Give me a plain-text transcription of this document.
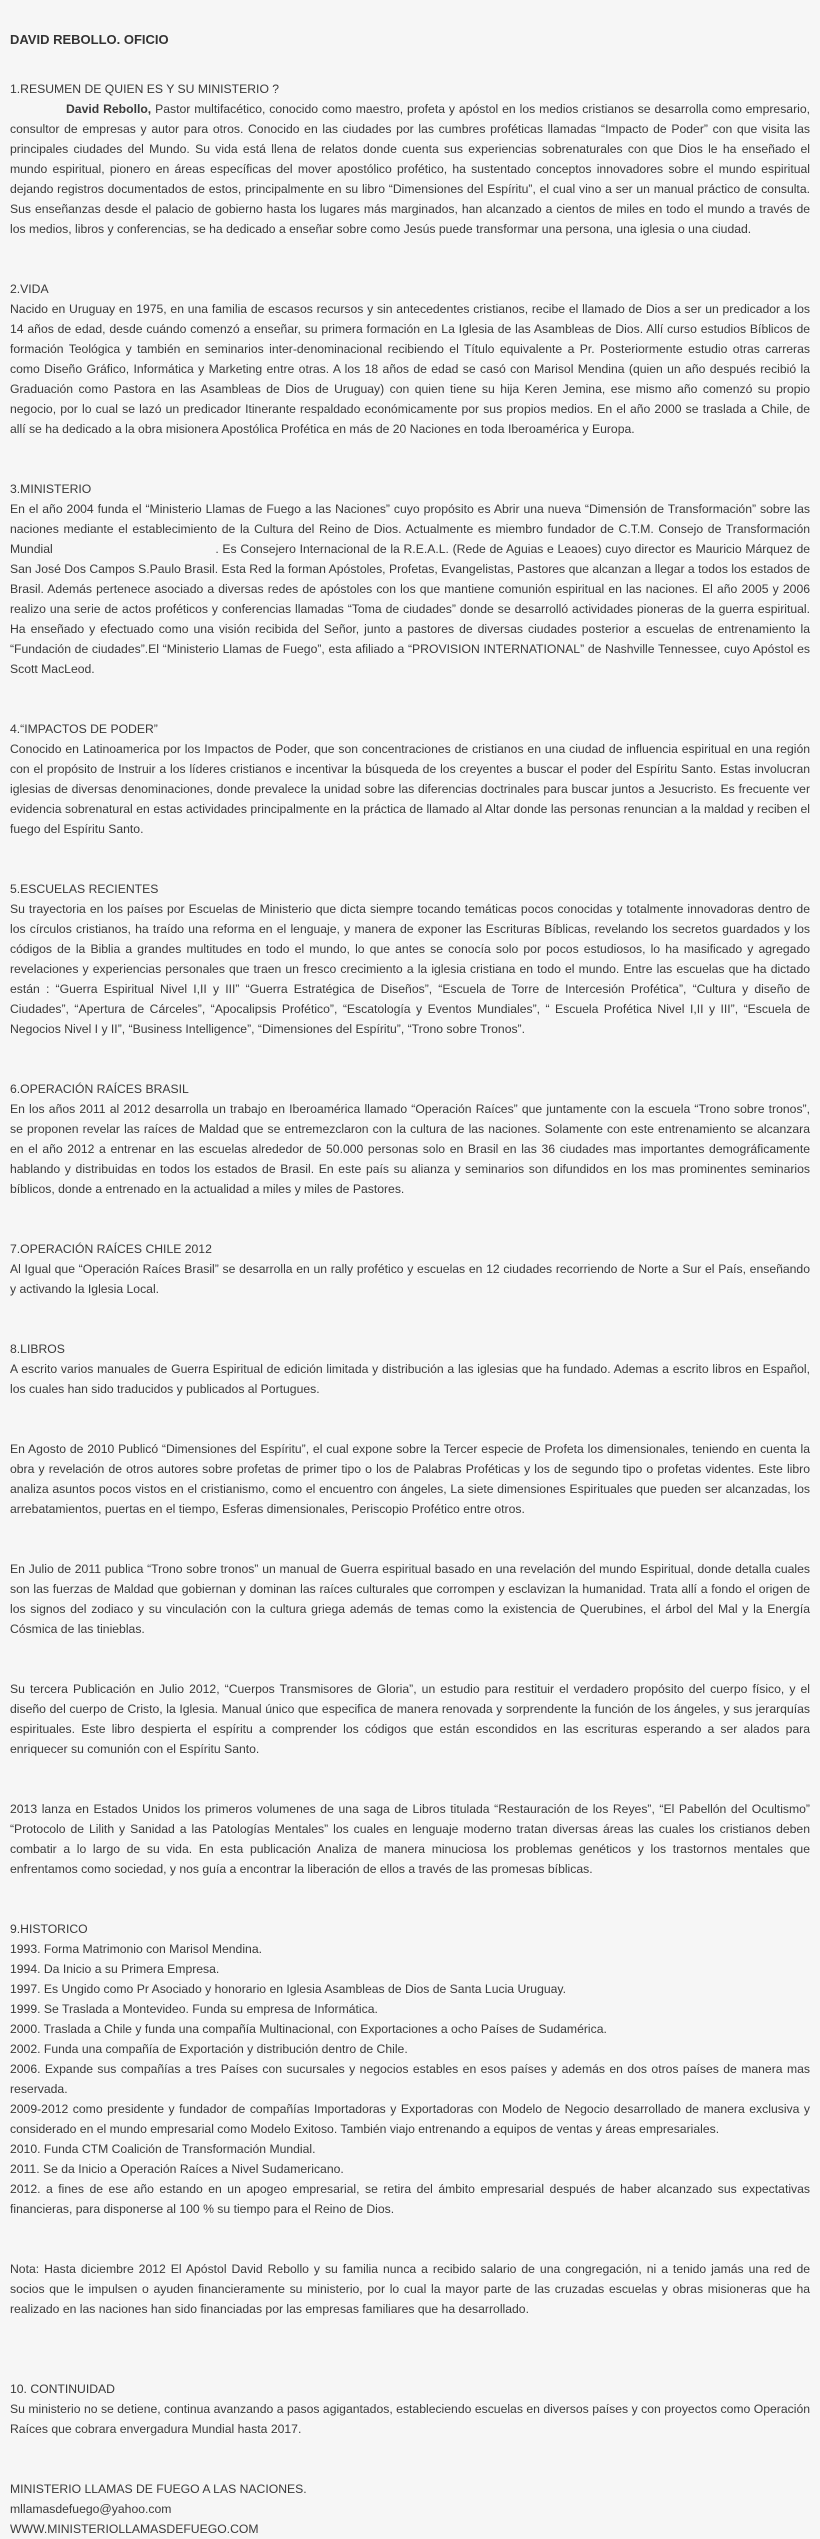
DAVID REBOLLO. OFICIO
1.RESUMEN DE QUIEN ES Y SU MINISTERIO ?

David Rebollo, Pastor multifacético, conocido como maestro, profeta y apóstol en los medios cristianos se desarrolla como empresario, consultor de empresas y autor para otros. Conocido en las ciudades por las cumbres proféticas llamadas “Impacto de Poder” con que visita las principales ciudades del Mundo. Su vida está llena de relatos donde cuenta sus experiencias sobrenaturales con que Dios le ha enseñado el mundo espiritual, pionero en áreas específicas del mover apostólico profético, ha sustentado conceptos innovadores sobre el mundo espiritual dejando registros documentados de estos, principalmente en su libro “Dimensiones del Espíritu”, el cual vino a ser un manual práctico de consulta. Sus enseñanzas desde el palacio de gobierno hasta los lugares más marginados, han alcanzado a cientos de miles en todo el mundo a través de los medios, libros y conferencias, se ha dedicado a enseñar sobre como Jesús puede transformar una persona, una iglesia o una ciudad.

2.VIDA

Nacido en Uruguay en 1975, en una familia de escasos recursos y sin antecedentes cristianos, recibe el llamado de Dios a ser un predicador a los 14 años de edad, desde cuándo comenzó a enseñar, su primera formación en La Iglesia de las Asambleas de Dios. Allí curso estudios Bíblicos de formación Teológica y también en seminarios inter-denominacional recibiendo el Título equivalente a Pr. Posteriormente estudio otras carreras como Diseño Gráfico, Informática y Marketing entre otras. A los 18 años de edad se casó con Marisol Mendina (quien un año después recibió la Graduación como Pastora en las Asambleas de Dios de Uruguay) con quien tiene su hija Keren Jemina, ese mismo año comenzó su propio negocio, por lo cual se lazó un predicador Itinerante respaldado económicamente por sus propios medios. En el año 2000 se traslada a Chile, de allí se ha dedicado a la obra misionera Apostólica Profética en más de 20 Naciones en toda Iberoamérica y Europa.

3.MINISTERIO

En el año 2004 funda el “Ministerio Llamas de Fuego a las Naciones” cuyo propósito es Abrir una nueva “Dimensión de Transformación” sobre las naciones mediante el establecimiento de la Cultura del Reino de Dios. Actualmente es miembro fundador de C.T.M. Consejo de Transformación Mundial                                            . Es Consejero Internacional de la R.E.A.L. (Rede de Aguias e Leaoes) cuyo director es Mauricio Márquez de San José Dos Campos S.Paulo Brasil. Esta Red la forman Apóstoles, Profetas, Evangelistas, Pastores que alcanzan a llegar a todos los estados de Brasil. Además pertenece asociado a diversas redes de apóstoles con los que mantiene comunión espiritual en las naciones. El año 2005 y 2006 realizo una serie de actos proféticos y conferencias llamadas “Toma de ciudades” donde se desarrolló actividades pioneras de la guerra espiritual. Ha enseñado y efectuado como una visión recibida del Señor, junto a pastores de diversas ciudades posterior a escuelas de entrenamiento la “Fundación de ciudades”.El “Ministerio Llamas de Fuego”, esta afiliado a “PROVISION INTERNATIONAL” de Nashville Tennessee, cuyo Apóstol es Scott MacLeod.

4.“IMPACTOS DE PODER”

Conocido en Latinoamerica por los Impactos de Poder, que son concentraciones de cristianos en una ciudad de influencia espiritual en una región con el propósito de Instruir a los líderes cristianos e incentivar la búsqueda de los creyentes a buscar el poder del Espíritu Santo. Estas involucran iglesias de diversas denominaciones, donde prevalece la unidad sobre las diferencias doctrinales para buscar juntos a Jesucristo. Es frecuente ver evidencia sobrenatural en estas actividades principalmente en la práctica de llamado al Altar donde las personas renuncian a la maldad y reciben el fuego del Espíritu Santo.

5.ESCUELAS RECIENTES

Su trayectoria en los países por Escuelas de Ministerio que dicta siempre tocando temáticas pocos conocidas y totalmente innovadoras dentro de los círculos cristianos, ha traído una reforma en el lenguaje, y manera de exponer las Escrituras Bíblicas, revelando los secretos guardados y los códigos de la Biblia a grandes multitudes en todo el mundo, lo que antes se conocía solo por pocos estudiosos, lo ha masificado y agregado revelaciones y experiencias personales que traen un fresco crecimiento a la iglesia cristiana en todo el mundo. Entre las escuelas que ha dictado están : “Guerra Espiritual Nivel I,II y III” “Guerra Estratégica de Diseños”, “Escuela de Torre de Intercesión Profética”, “Cultura y diseño de Ciudades”, “Apertura de Cárceles”, “Apocalipsis Profético”, “Escatología y Eventos Mundiales”, “ Escuela Profética Nivel I,II y III”, “Escuela de Negocios Nivel I y II”, “Business Intelligence”, “Dimensiones del Espíritu”, “Trono sobre Tronos”.

6.OPERACIÓN RAÍCES BRASIL

En los años 2011 al 2012 desarrolla un trabajo en Iberoamérica llamado “Operación Raíces” que juntamente con la escuela “Trono sobre tronos”, se proponen revelar las raíces de Maldad que se entremezclaron con la cultura de las naciones. Solamente con este entrenamiento se alcanzara en el año 2012 a entrenar en las escuelas alrededor de 50.000 personas solo en Brasil en las 36 ciudades mas importantes demográficamente hablando y distribuidas en todos los estados de Brasil. En este país su alianza y seminarios son difundidos en los mas prominentes seminarios bíblicos, donde a entrenado en la actualidad a miles y miles de Pastores.

7.OPERACIÓN RAÍCES CHILE 2012

Al Igual que “Operación Raíces Brasil” se desarrolla en un rally profético y escuelas en 12 ciudades recorriendo de Norte a Sur el País, enseñando y activando la Iglesia Local.

8.LIBROS

A escrito varios manuales de Guerra Espiritual de edición limitada y distribución a las iglesias que ha fundado. Ademas a escrito libros en Español, los cuales han sido traducidos y publicados al Portugues.

En Agosto de 2010 Publicó “Dimensiones del Espíritu”, el cual expone sobre la Tercer especie de Profeta los dimensionales, teniendo en cuenta la obra y revelación de otros autores sobre profetas de primer tipo o los de Palabras Proféticas y los de segundo tipo o profetas videntes. Este libro analiza asuntos pocos vistos en el cristianismo, como el encuentro con ángeles, La siete dimensiones Espirituales que pueden ser alcanzadas, los arrebatamientos, puertas en el tiempo, Esferas dimensionales, Periscopio Profético entre otros.

En Julio de 2011 publica “Trono sobre tronos” un manual de Guerra espiritual basado en una revelación del mundo Espiritual, donde detalla cuales son las fuerzas de Maldad que gobiernan y dominan las raíces culturales que corrompen y esclavizan la humanidad. Trata allí a fondo el origen de los signos del zodiaco y su vinculación con la cultura griega además de temas como la existencia de Querubines, el árbol del Mal y la Energía Cósmica de las tinieblas.

Su tercera Publicación en Julio 2012, “Cuerpos Transmisores de Gloria”, un estudio para restituir el verdadero propósito del cuerpo físico, y el diseño del cuerpo de Cristo, la Iglesia. Manual único que especifica de manera renovada y sorprendente la función de los ángeles, y sus jerarquías espirituales. Este libro despierta el espíritu a comprender los códigos que están escondidos en las escrituras esperando a ser alados para enriquecer su comunión con el Espíritu Santo.

2013 lanza en Estados Unidos los primeros volumenes de una saga de Libros titulada “Restauración de los Reyes”, “El Pabellón del Ocultismo” “Protocolo de Lilith y Sanidad a las Patologías Mentales” los cuales en lenguaje moderno tratan diversas áreas las cuales los cristianos deben combatir a lo largo de su vida. En esta publicación Analiza de manera minuciosa los problemas genéticos y los trastornos mentales que enfrentamos como sociedad, y nos guía a encontrar la liberación de ellos a través de las promesas bíblicas.

9.HISTORICO
1993. Forma Matrimonio con Marisol Mendina.
1994. Da Inicio a su Primera Empresa.
1997. Es Ungido como Pr Asociado y honorario en Iglesia Asambleas de Dios de Santa Lucia Uruguay.
1999. Se Traslada a Montevideo. Funda su empresa de Informática.
2000. Traslada a Chile y funda una compañía Multinacional, con Exportaciones a ocho Países de Sudamérica.
2002. Funda una compañía de Exportación y distribución dentro de Chile.
2006. Expande sus compañías a tres Países con sucursales y negocios estables en esos países y además en dos otros países de manera mas reservada.
2009-2012 como presidente y fundador de compañías Importadoras y Exportadoras con Modelo de Negocio desarrollado de manera exclusiva y considerado en el mundo empresarial como Modelo Exitoso. También viajo entrenando a equipos de ventas y áreas empresariales.
2010. Funda CTM Coalición de Transformación Mundial.
2011. Se da Inicio a Operación Raíces a Nivel Sudamericano.
2012. a fines de ese año estando en un apogeo empresarial, se retira del ámbito empresarial después de haber alcanzado sus expectativas financieras, para disponerse al 100 % su tiempo para el Reino de Dios.

Nota: Hasta diciembre 2012 El Apóstol David Rebollo y su familia nunca a recibido salario de una congregación, ni a tenido jamás una red de socios que le impulsen o ayuden financieramente su ministerio, por lo cual la mayor parte de las cruzadas escuelas y obras misioneras que ha realizado en las naciones han sido financiadas por las empresas familiares que ha desarrollado.

10. CONTINUIDAD

Su ministerio no se detiene, continua avanzando a pasos agigantados, estableciendo escuelas en diversos países y con proyectos como Operación Raíces que cobrara envergadura Mundial hasta 2017.

MINISTERIO LLAMAS DE FUEGO A LAS NACIONES.
mllamasdefuego@yahoo.com
WWW.MINISTERIOLLAMASDEFUEGO.COM
